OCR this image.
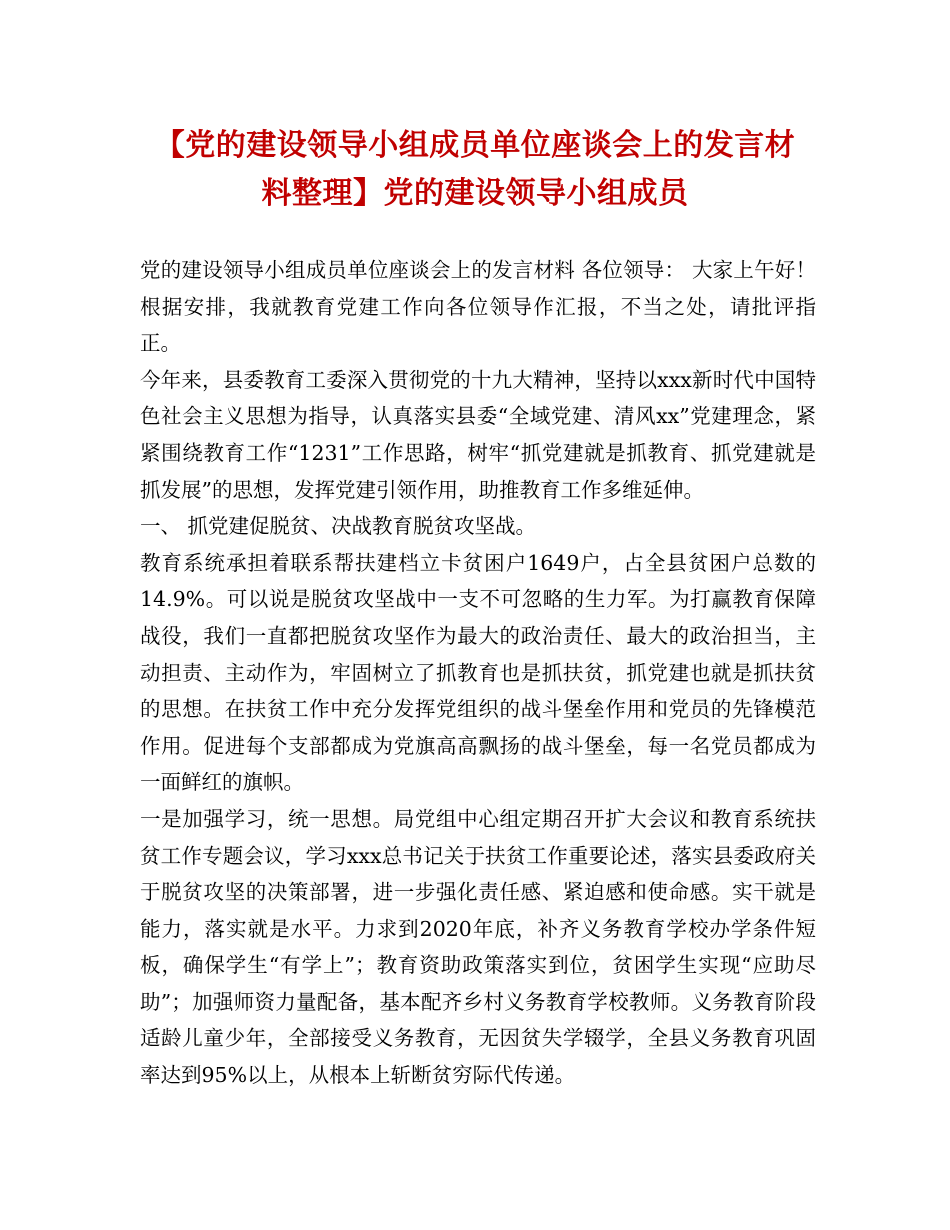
【党的建设领导小组成员单位座谈会上的发言材料整理】党的建设领导小组成员

党的建设领导小组成员单位座谈会上的发言材料 各位领导： 大家上午好！ 根据安排，我就教育党建工作向各位领导作汇报，不当之处，请批评指正。

今年来，县委教育工委深入贯彻党的十九大精神，坚持以xxx新时代中国特色社会主义思想为指导，认真落实县委“全域党建、清风xx”党建理念，紧紧围绕教育工作“1231”工作思路，树牢“抓党建就是抓教育、抓党建就是抓发展”的思想，发挥党建引领作用，助推教育工作多维延伸。

一、 抓党建促脱贫、决战教育脱贫攻坚战。

教育系统承担着联系帮扶建档立卡贫困户1649户，占全县贫困户总数的14.9%。可以说是脱贫攻坚战中一支不可忽略的生力军。为打赢教育保障战役，我们一直都把脱贫攻坚作为最大的政治责任、最大的政治担当，主动担责、主动作为，牢固树立了抓教育也是抓扶贫，抓党建也就是抓扶贫的思想。在扶贫工作中充分发挥党组织的战斗堡垒作用和党员的先锋模范作用。促进每个支部都成为党旗高高飘扬的战斗堡垒，每一名党员都成为一面鲜红的旗帜。

一是加强学习，统一思想。局党组中心组定期召开扩大会议和教育系统扶贫工作专题会议，学习xxx总书记关于扶贫工作重要论述，落实县委政府关于脱贫攻坚的决策部署，进一步强化责任感、紧迫感和使命感。实干就是能力，落实就是水平。力求到2020年底，补齐义务教育学校办学条件短板，确保学生“有学上”；教育资助政策落实到位，贫困学生实现“应助尽助”；加强师资力量配备，基本配齐乡村义务教育学校教师。义务教育阶段适龄儿童少年，全部接受义务教育，无因贫失学辍学，全县义务教育巩固率达到95%以上，从根本上斩断贫穷际代传递。
